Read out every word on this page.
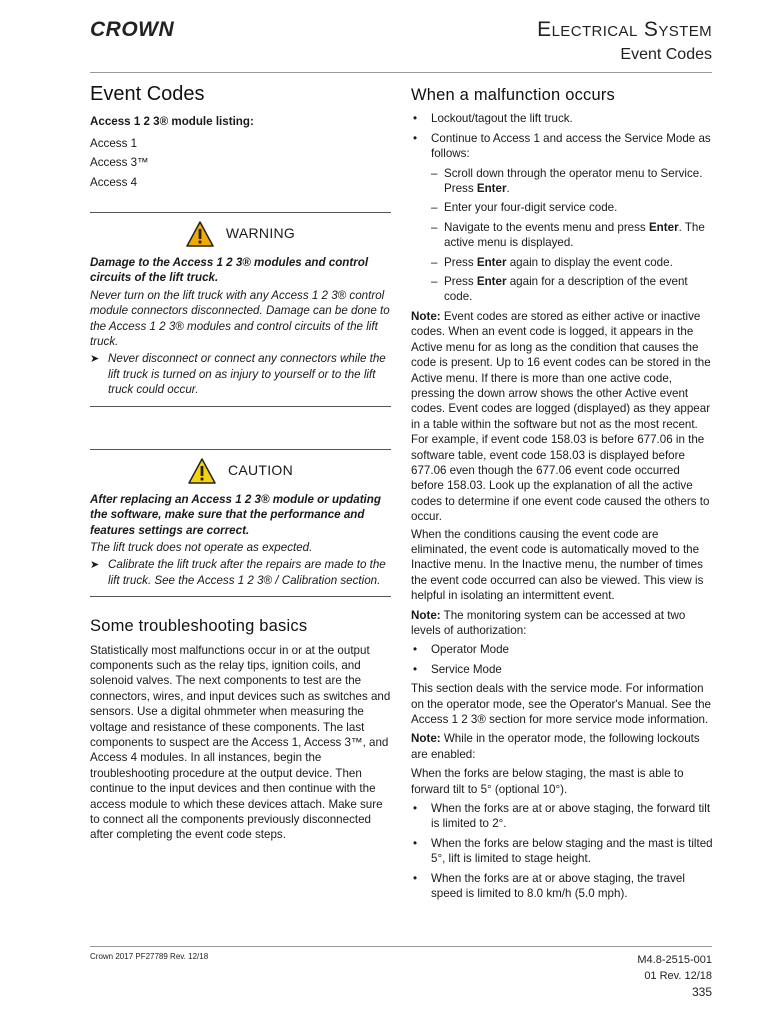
CROWN	Electrical System
Event Codes
Event Codes
Access 1 2 3® module listing:
Access 1
Access 3™
Access 4
WARNING

Damage to the Access 1 2 3® modules and control circuits of the lift truck.

Never turn on the lift truck with any Access 1 2 3® control module connectors disconnected. Damage can be done to the Access 1 2 3® modules and control circuits of the lift truck.

➤ Never disconnect or connect any connectors while the lift truck is turned on as injury to yourself or to the lift truck could occur.
CAUTION

After replacing an Access 1 2 3® module or updating the software, make sure that the performance and features settings are correct.

The lift truck does not operate as expected.

➤ Calibrate the lift truck after the repairs are made to the lift truck. See the Access 1 2 3® / Calibration section.
Some troubleshooting basics

Statistically most malfunctions occur in or at the output components such as the relay tips, ignition coils, and solenoid valves. The next components to test are the connectors, wires, and input devices such as switches and sensors. Use a digital ohmmeter when measuring the voltage and resistance of these components. The last components to suspect are the Access 1, Access 3™, and Access 4 modules. In all instances, begin the troubleshooting procedure at the output device. Then continue to the input devices and then continue with the access module to which these devices attach. Make sure to connect all the components previously disconnected after completing the event code steps.

When a malfunction occurs
• Lockout/tagout the lift truck.
• Continue to Access 1 and access the Service Mode as follows:
– Scroll down through the operator menu to Service. Press Enter.
– Enter your four-digit service code.
– Navigate to the events menu and press Enter. The active menu is displayed.
– Press Enter again to display the event code.
– Press Enter again for a description of the event code.

Note: Event codes are stored as either active or inactive codes. When an event code is logged, it appears in the Active menu for as long as the condition that causes the code is present. Up to 16 event codes can be stored in the Active menu. If there is more than one active code, pressing the down arrow shows the other Active event codes. Event codes are logged (displayed) as they appear in a table within the software but not as the most recent. For example, if event code 158.03 is before 677.06 in the software table, event code 158.03 is displayed before 677.06 even though the 677.06 event code occurred before 158.03. Look up the explanation of all the active codes to determine if one event code caused the others to occur.

When the conditions causing the event code are eliminated, the event code is automatically moved to the Inactive menu. In the Inactive menu, the number of times the event code occurred can also be viewed. This view is helpful in isolating an intermittent event.

Note: The monitoring system can be accessed at two levels of authorization:

• Operator Mode
• Service Mode

This section deals with the service mode. For information on the operator mode, see the Operator's Manual. See the Access 1 2 3® section for more service mode information.

Note: While in the operator mode, the following lockouts are enabled:

When the forks are below staging, the mast is able to forward tilt to 5° (optional 10°).

• When the forks are at or above staging, the forward tilt is limited to 2°.
• When the forks are below staging and the mast is tilted 5°, lift is limited to stage height.
• When the forks are at or above staging, the travel speed is limited to 8.0 km/h (5.0 mph).
Crown 2017 PF27789 Rev. 12/18	M4.8-2515-001
01 Rev. 12/18
335
